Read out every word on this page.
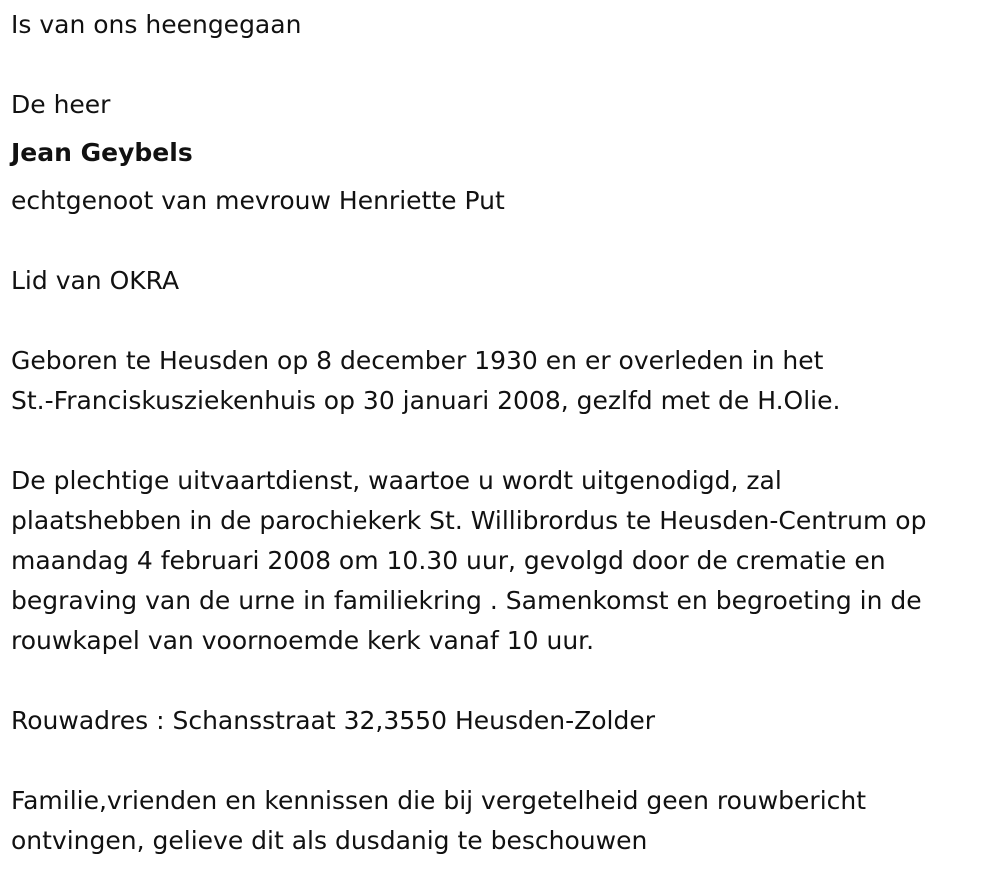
Is van ons heengegaan
De heer
Jean Geybels
echtgenoot van mevrouw Henriette Put
Lid van OKRA
Geboren te Heusden op 8 december 1930 en er overleden in het
St.-Franciskusziekenhuis op 30 januari 2008, gezlfd met de H.Olie.
De plechtige uitvaartdienst, waartoe u wordt uitgenodigd, zal
plaatshebben in de parochiekerk St. Willibrordus te Heusden-Centrum op
maandag 4 februari 2008 om 10.30 uur, gevolgd door de crematie en
begraving van de urne in familiekring . Samenkomst en begroeting in de
rouwkapel van voornoemde kerk vanaf 10 uur.
Rouwadres : Schansstraat 32,3550 Heusden-Zolder
Familie,vrienden en kennissen die bij vergetelheid geen rouwbericht
ontvingen, gelieve dit als dusdanig te beschouwen
